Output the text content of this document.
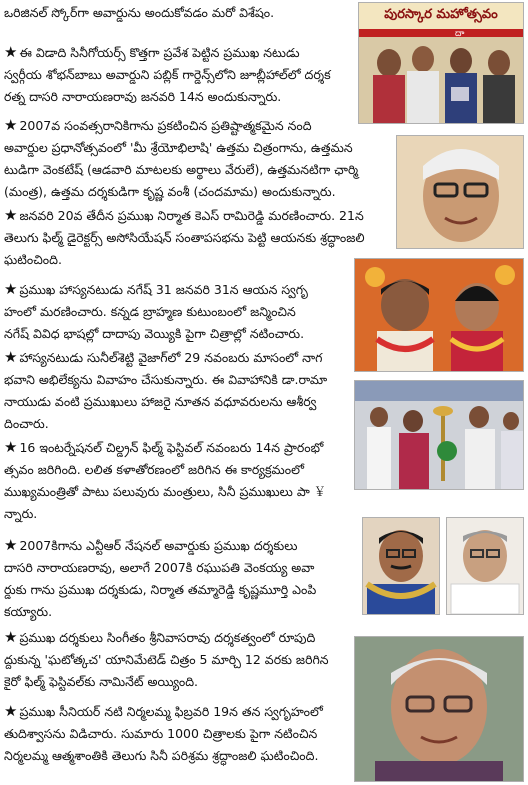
ఒరిజినల్ స్కోర్‌గా అవార్డును అందుకోవడం మరో విశేషం.
★ ఈ విడాది సినీగోయర్స్ కొత్తగా ప్రవేశ పెట్టిన ప్రముఖ నటుడు
స్వర్గీయ శోభన్‌బాబు అవార్డుని పబ్లిక్ గార్డెన్స్‌లోని జూబ్లీహాల్‌లో దర్శక
రత్న దాసరి నారాయణరావు జనవరి 14న అందుకున్నారు.
★ 2007వ సంవత్సరానికిగాను ప్రకటించిన ప్రతిష్టాత్మకమైన నంది
అవార్డుల ప్రధానోత్సవంలో 'మీ శ్రేయోభిలాషి' ఉత్తమ చిత్రంగాను, ఉత్తమన
టుడిగా వెంకటేష్ (ఆడవారి మాటలకు అర్థాలు వేరులే), ఉత్తమనటిగా ఛార్మి
(మంత్ర), ఉత్తమ దర్శకుడిగా కృష్ణ వంశీ (చందమామ) అందుకున్నారు.
★ జనవరి 20వ తేదీన ప్రముఖ నిర్మాత కెఎస్ రామిరెడ్డి మరణించారు. 21న
తెలుగు ఫిల్మ్ డైరెక్టర్స్ అసోసియేషన్ సంతాపసభను పెట్టి ఆయనకు శ్రద్ధాంజలి
ఘటించింది.
★ ప్రముఖ హాస్యనటుడు నగేష్ 31 జనవరి 31న ఆయన స్వగృ
హంలో మరణించారు. కన్నడ బ్రాహ్మణ కుటుంబంలో జన్మించిన
నగేష్ వివిధ భాషల్లో దాదాపు వెయ్యికి పైగా చిత్రాల్లో నటించారు.
★ హాస్యనటుడు సునీల్‌శెట్టి వైజాగ్‌లో 29 నవంబరు మాసంలో నాగ
భవాని అభిలేక్యను వివాహం చేసుకున్నారు. ఈ వివాహానికి డా.రామా
నాయుడు వంటి ప్రముఖులు హాజరై నూతన వధూవరులను ఆశీర్వ
దించారు.
★ 16 ఇంటర్నేషనల్ చిల్డ్రన్ ఫిల్మ్ ఫెస్టివల్ నవంబరు 14న ప్రారంభో
త్సవం జరిగింది. లలిత కళాతోరణంలో జరిగిన ఈ కార్యక్రమంలో
ముఖ్యమంత్రితో పాటు పలువురు మంత్రులు, సినీ ప్రముఖులు పా ￥
న్నారు.
★ 2007కిగాను ఎన్టీఆర్ నేషనల్ అవార్డుకు ప్రముఖ దర్శకులు
దాసరి నారాయణరావు, అలాగే 2007కి రఘుపతి వెంకయ్య అవా
ర్డుకు గాను ప్రముఖ దర్శకుడు, నిర్మాత తమ్మారెడ్డి కృష్ణమూర్తి ఎంపి
కయ్యారు.
★ ప్రముఖ దర్శకులు సింగీతం శ్రీనివాసరావు దర్శకత్వంలో రూపుది
ద్దుకున్న 'ఘటోత్కచ' యానిమేటెడ్ చిత్రం 5 మార్చి 12 వరకు జరిగిన
కైరో ఫిల్మ్ ఫెస్టివల్‌కు నామినేట్ అయ్యింది.
★ ప్రముఖ సీనియర్ నటి నిర్మలమ్మ ఫిబ్రవరి 19న తన స్వగృహంలో
తుదిశ్వాసను విడిచారు. సుమారు 1000 చిత్రాలకు పైగా నటించిన
నిర్మలమ్మ ఆత్మశాంతికి తెలుగు సినీ పరిశ్రమ శ్రద్ధాంజలి ఘటించింది.
పురస్కార మహోత్సవం
దా
